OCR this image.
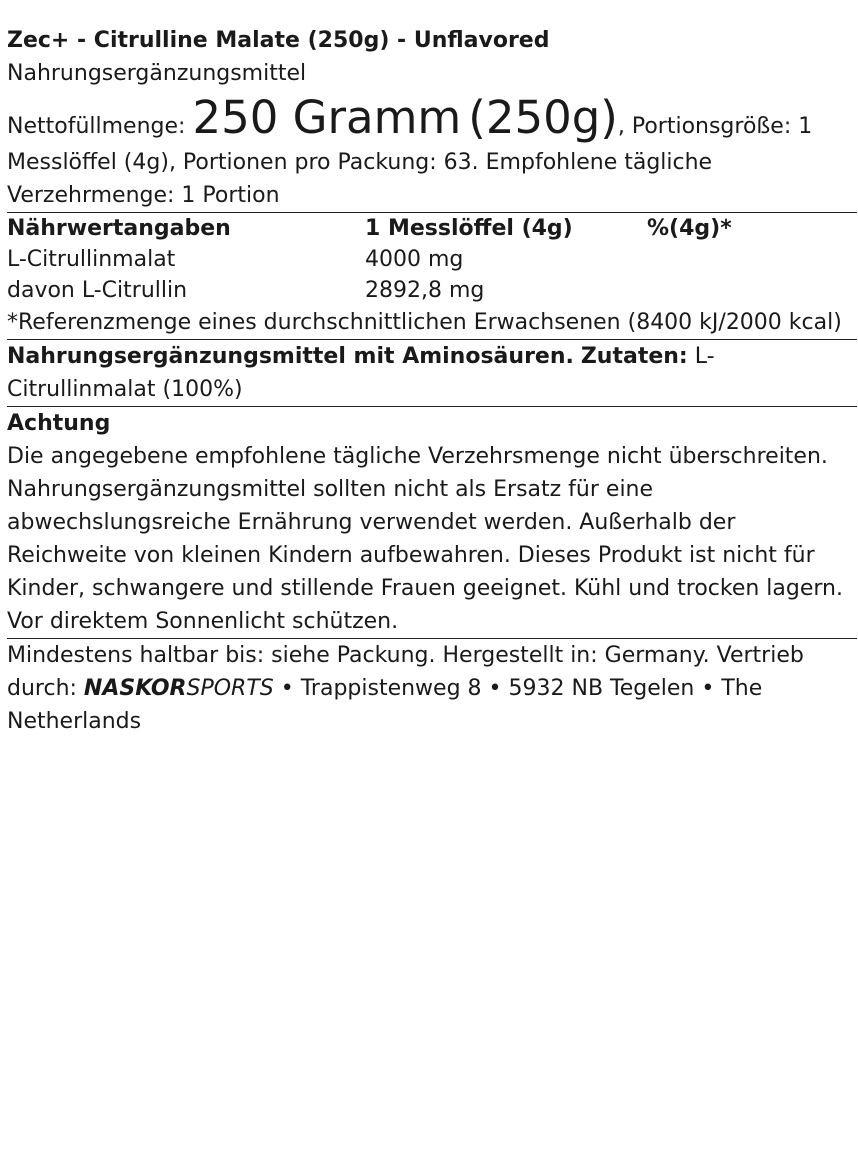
Zec+ - Citrulline Malate (250g) - Unflavored
Nahrungsergänzungsmittel
Nettofüllmenge: 250 Gramm (250g), Portionsgröße: 1 Messlöffel (4g), Portionen pro Packung: 63. Empfohlene tägliche Verzehrmenge: 1 Portion
Nährwertangaben	1 Messlöffel (4g)	%(4g)*
L-Citrullinmalat	4000 mg	
davon L-Citrullin	2892,8 mg	
*Referenzmenge eines durchschnittlichen Erwachsenen (8400 kJ/2000 kcal)
Nahrungsergänzungsmittel mit Aminosäuren. Zutaten: L-Citrullinmalat (100%)
Achtung
Die angegebene empfohlene tägliche Verzehrsmenge nicht überschreiten. Nahrungsergänzungsmittel sollten nicht als Ersatz für eine abwechslungsreiche Ernährung verwendet werden. Außerhalb der Reichweite von kleinen Kindern aufbewahren. Dieses Produkt ist nicht für Kinder, schwangere und stillende Frauen geeignet. Kühl und trocken lagern. Vor direktem Sonnenlicht schützen.
Mindestens haltbar bis: siehe Packung. Hergestellt in: Germany. Vertrieb durch: NASKORSPORTS • Trappistenweg 8 • 5932 NB Tegelen • The Netherlands
